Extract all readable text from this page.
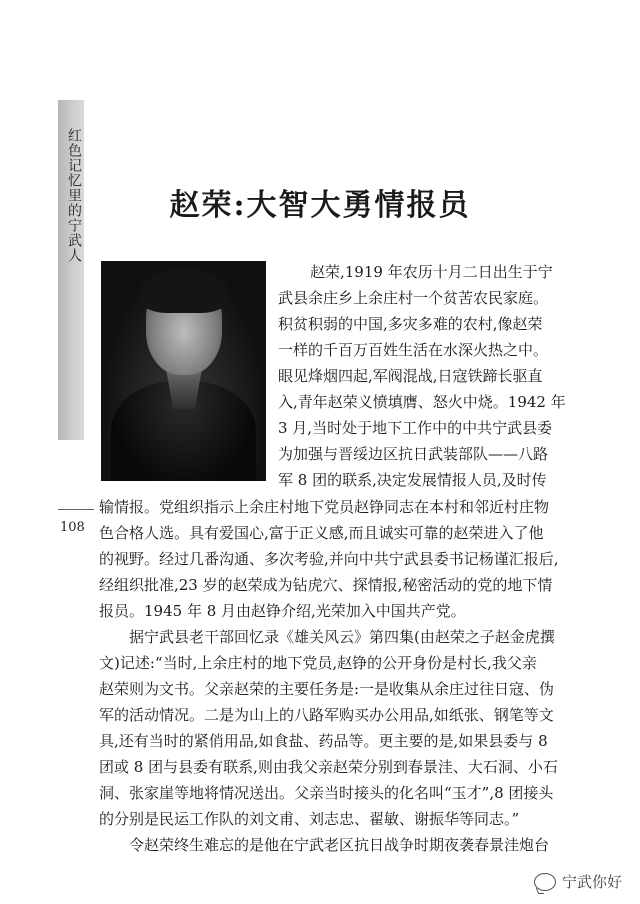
红色记忆里的宁武人
108
赵荣:大智大勇情报员
赵荣,1919 年农历十月二日出生于宁
武县余庄乡上余庄村一个贫苦农民家庭。
积贫积弱的中国,多灾多难的农村,像赵荣
一样的千百万百姓生活在水深火热之中。
眼见烽烟四起,军阀混战,日寇铁蹄长驱直
入,青年赵荣义愤填膺、怒火中烧。1942 年
3 月,当时处于地下工作中的中共宁武县委
为加强与晋绥边区抗日武装部队——八路
军 8 团的联系,决定发展情报人员,及时传
输情报。党组织指示上余庄村地下党员赵铮同志在本村和邻近村庄物
色合格人选。具有爱国心,富于正义感,而且诚实可靠的赵荣进入了他
的视野。经过几番沟通、多次考验,并向中共宁武县委书记杨谨汇报后,
经组织批准,23 岁的赵荣成为钻虎穴、探情报,秘密活动的党的地下情
报员。1945 年 8 月由赵铮介绍,光荣加入中国共产党。
　　据宁武县老干部回忆录《雄关风云》第四集(由赵荣之子赵金虎撰
文)记述:“当时,上余庄村的地下党员,赵铮的公开身份是村长,我父亲
赵荣则为文书。父亲赵荣的主要任务是:一是收集从余庄过往日寇、伪
军的活动情况。二是为山上的八路军购买办公用品,如纸张、钢笔等文
具,还有当时的紧俏用品,如食盐、药品等。更主要的是,如果县委与 8
团或 8 团与县委有联系,则由我父亲赵荣分别到春景洼、大石洞、小石
洞、张家崖等地将情况送出。父亲当时接头的化名叫“玉才”,8 团接头
的分别是民运工作队的刘文甫、刘志忠、翟敏、谢振华等同志。”
　　令赵荣终生难忘的是他在宁武老区抗日战争时期夜袭春景洼炮台
宁武你好
